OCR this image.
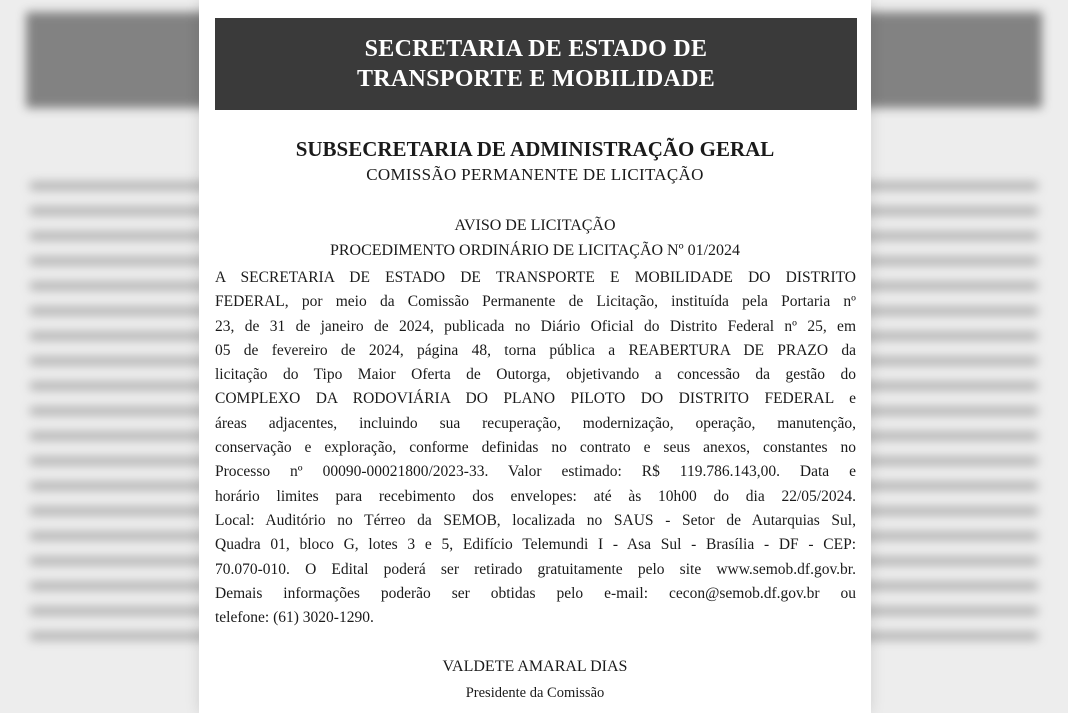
SECRETARIA DE ESTADO DE
TRANSPORTE E MOBILIDADE
SUBSECRETARIA DE ADMINISTRAÇÃO GERAL
COMISSÃO PERMANENTE DE LICITAÇÃO
AVISO DE LICITAÇÃO
PROCEDIMENTO ORDINÁRIO DE LICITAÇÃO Nº 01/2024
A SECRETARIA DE ESTADO DE TRANSPORTE E MOBILIDADE DO DISTRITO
FEDERAL, por meio da Comissão Permanente de Licitação, instituída pela Portaria nº
23, de 31 de janeiro de 2024, publicada no Diário Oficial do Distrito Federal nº 25, em
05 de fevereiro de 2024, página 48, torna pública a REABERTURA DE PRAZO da
licitação do Tipo Maior Oferta de Outorga, objetivando a concessão da gestão do
COMPLEXO DA RODOVIÁRIA DO PLANO PILOTO DO DISTRITO FEDERAL e
áreas adjacentes, incluindo sua recuperação, modernização, operação, manutenção,
conservação e exploração, conforme definidas no contrato e seus anexos, constantes no
Processo nº 00090-00021800/2023-33. Valor estimado: R$ 119.786.143,00. Data e
horário limites para recebimento dos envelopes: até às 10h00 do dia 22/05/2024.
Local: Auditório no Térreo da SEMOB, localizada no SAUS - Setor de Autarquias Sul,
Quadra 01, bloco G, lotes 3 e 5, Edifício Telemundi I - Asa Sul - Brasília - DF - CEP:
70.070-010. O Edital poderá ser retirado gratuitamente pelo site www.semob.df.gov.br.
Demais informações poderão ser obtidas pelo e-mail: cecon@semob.df.gov.br ou
telefone: (61) 3020-1290.
VALDETE AMARAL DIAS
Presidente da Comissão
